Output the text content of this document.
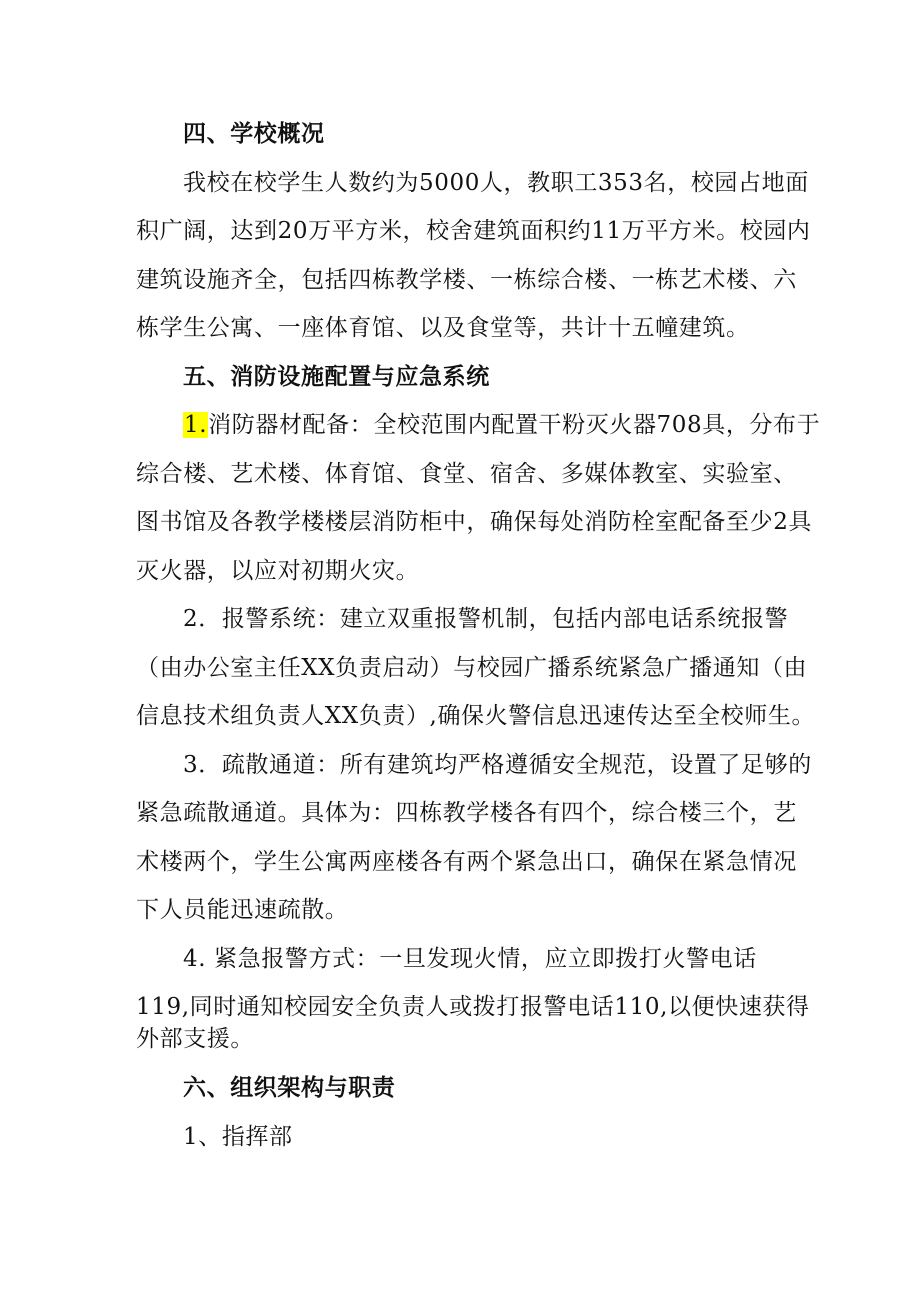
四、学校概况
我校在校学生人数约为5000人，教职工353名，校园占地面
积广阔，达到20万平方米，校舍建筑面积约11万平方米。校园内
建筑设施齐全，包括四栋教学楼、一栋综合楼、一栋艺术楼、六
栋学生公寓、一座体育馆、以及食堂等，共计十五幢建筑。
五、消防设施配置与应急系统
1.消防器材配备：全校范围内配置干粉灭火器708具，分布于
综合楼、艺术楼、体育馆、食堂、宿舍、多媒体教室、实验室、
图书馆及各教学楼楼层消防柜中，确保每处消防栓室配备至少2具
灭火器，以应对初期火灾。
2．报警系统：建立双重报警机制，包括内部电话系统报警
（由办公室主任XX负责启动）与校园广播系统紧急广播通知（由
信息技术组负责人XX负责）,确保火警信息迅速传达至全校师生。
3．疏散通道：所有建筑均严格遵循安全规范，设置了足够的
紧急疏散通道。具体为：四栋教学楼各有四个，综合楼三个，艺
术楼两个，学生公寓两座楼各有两个紧急出口，确保在紧急情况
下人员能迅速疏散。
4. 紧急报警方式：一旦发现火情，应立即拨打火警电话
119,同时通知校园安全负责人或拨打报警电话110,以便快速获得
外部支援。
六、组织架构与职责
1、指挥部
